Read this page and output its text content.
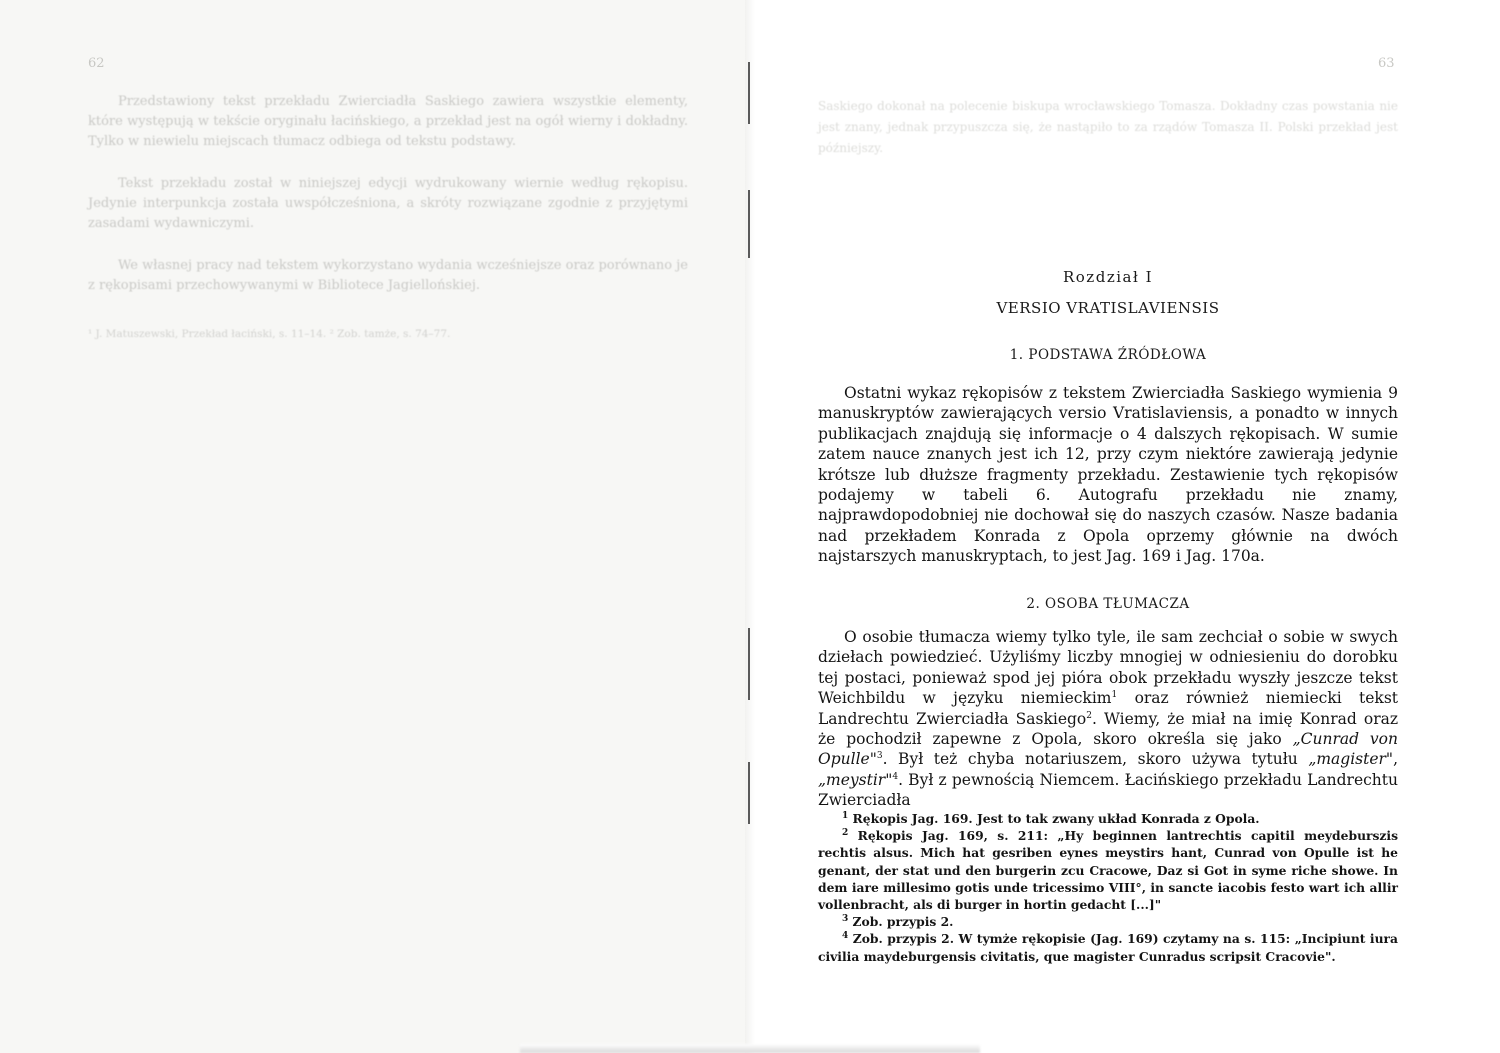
62

Przedstawiony tekst przekładu Zwierciadła Saskiego zawiera wszystkie elementy, które występują w tekście oryginału łacińskiego, a przekład jest na ogół wierny i dokładny. Tylko w niewielu miejscach tłumacz odbiega od tekstu podstawy.

Tekst przekładu został w niniejszej edycji wydrukowany wiernie według rękopisu. Jedynie interpunkcja została uwspółcześniona, a skróty rozwiązane zgodnie z przyjętymi zasadami wydawniczymi.

We własnej pracy nad tekstem wykorzystano wydania wcześniejsze oraz porównano je z rękopisami przechowywanymi w Bibliotece Jagiellońskiej.

¹ J. Matuszewski, Przekład łaciński, s. 11–14. ² Zob. tamże, s. 74–77.
63
Saskiego dokonał na polecenie biskupa wrocławskiego Tomasza. Dokładny czas powstania nie jest znany, jednak przypuszcza się, że nastąpiło to za rządów Tomasza II. Polski przekład jest późniejszy.
Rozdział I
VERSIO VRATISLAVIENSIS
1. PODSTAWA ŹRÓDŁOWA

Ostatni wykaz rękopisów z tekstem Zwierciadła Saskiego wymienia 9 manuskryptów zawierających versio Vratislaviensis, a ponadto w innych publikacjach znajdują się informacje o 4 dalszych rękopisach. W sumie zatem nauce znanych jest ich 12, przy czym niektóre zawierają jedynie krótsze lub dłuższe fragmenty przekładu. Zestawienie tych rękopisów podajemy w tabeli 6. Autografu przekładu nie znamy, najprawdopodobniej nie dochował się do naszych czasów. Nasze badania nad przekładem Konrada z Opola oprzemy głównie na dwóch najstarszych manuskryptach, to jest Jag. 169 i Jag. 170a.

2. OSOBA TŁUMACZA

O osobie tłumacza wiemy tylko tyle, ile sam zechciał o sobie w swych dziełach powiedzieć. Użyliśmy liczby mnogiej w odniesieniu do dorobku tej postaci, ponieważ spod jej pióra obok przekładu wyszły jeszcze tekst Weichbildu w języku niemieckim$^1$ oraz również niemiecki tekst Landrechtu Zwierciadła Saskiego$^2$. Wiemy, że miał na imię Konrad oraz że pochodził zapewne z Opola, skoro określa się jako „Cunrad von Opulle"$^3$. Był też chyba notariuszem, skoro używa tytułu „magister", „meystir"$^4$. Był z pewnością Niemcem. Łacińskiego przekładu Landrechtu Zwierciadła

$^1$ Rękopis Jag. 169. Jest to tak zwany układ Konrada z Opola.

$^2$ Rękopis Jag. 169, s. 211: „Hy beginnen lantrechtis capitil meydeburszis rechtis alsus. Mich hat gesriben eynes meystirs hant, Cunrad von Opulle ist he genant, der stat und den burgerin zcu Cracowe, Daz si Got in syme riche showe. In dem iare millesimo gotis unde tricessimo VIII°, in sancte iacobis festo wart ich allir vollenbracht, als di burger in hortin gedacht [...]"

$^3$ Zob. przypis 2.

$^4$ Zob. przypis 2. W tymże rękopisie (Jag. 169) czytamy na s. 115: „Incipiunt iura civilia maydeburgensis civitatis, que magister Cunradus scripsit Cracovie".
